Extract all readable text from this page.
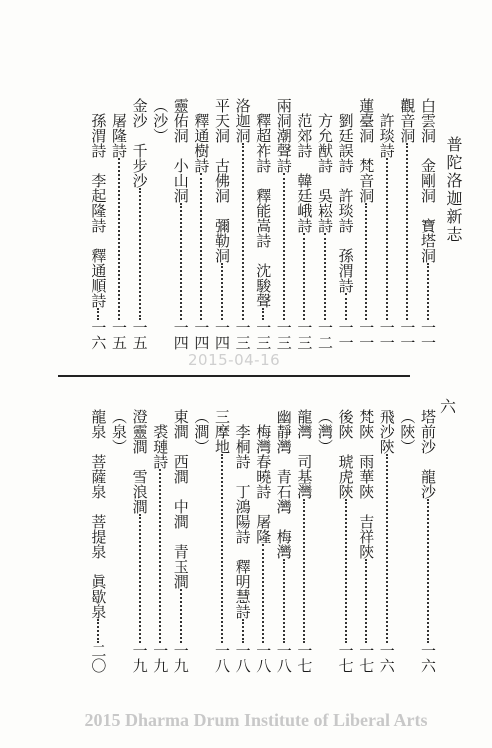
普陀洛迦新志
六
2015-04-16
白雲洞　金剛洞　寶塔洞一一
觀音洞一一
　許琰詩一一
蓮臺洞　梵音洞一一
　劉廷誤詩　許琰詩　孫渭詩一一
　方允猷詩　吳崧詩一二
　范郊詩　韓廷峨詩一三
兩洞潮聲詩一三
　釋超祚詩　釋能嵩詩　沈駿聲一三
洛迦洞一三
平天洞　古佛洞　彌勒洞一四
　釋通樹詩一四
靈佑洞　小山洞一四
（沙）
金沙　千步沙一五
　屠隆詩一五
　孫渭詩　李起隆詩　釋通順詩一六
塔前沙　龍沙一六
（陝）
飛沙陝一六
梵陝　雨華陝　吉祥陝一七
後陝　琥虎陝一七
（灣）
龍灣　司基灣一七
幽靜灣　青石灣　梅灣一八
　梅灣春曉詩　屠隆一八
　李桐詩　丁鴻陽詩　釋明慧詩一八
三摩地一八
（澗）
東澗　西澗　中澗　青玉澗一九
　裘璉詩一九
澄靈澗　雪浪澗一九
（泉）
龍泉　菩薩泉　菩提泉　眞歇泉二〇
2015 Dharma Drum Institute of Liberal Arts
